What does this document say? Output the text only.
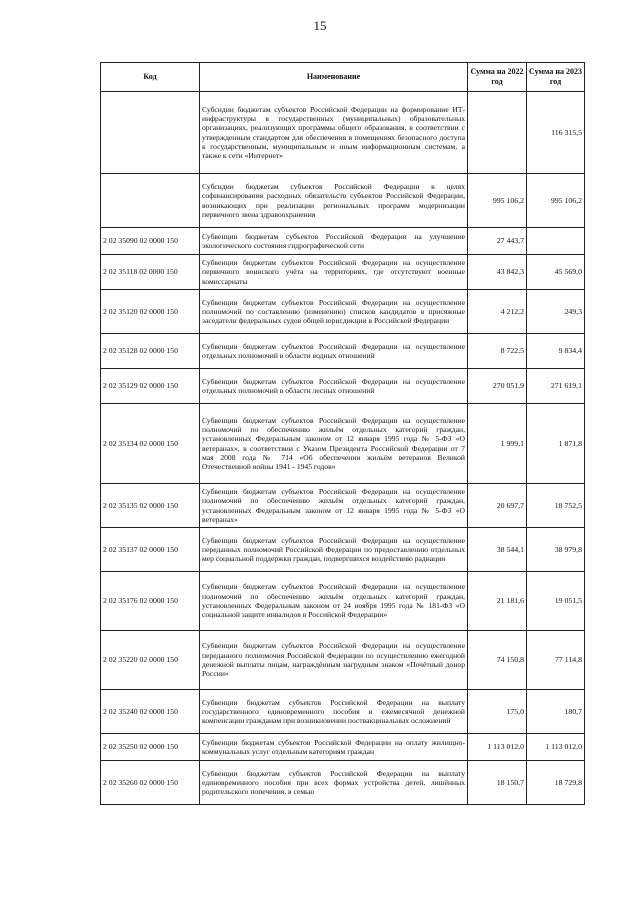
15
Код	Наименование	Сумма на 2022 год	Сумма на 2023 год
	Субсидии бюджетам субъектов Российской Федерации на формирование ИТ-инфраструктуры в государственных (муниципальных) образовательных организациях, реализующих программы общего образования, в соответствии с утвержденным стандартом для обеспечения в помещениях безопасного доступа к государственным, муниципальным и иным информационным системам, а также к сети «Интернет»		116 315,5
	Субсидии бюджетам субъектов Российской Федерации в целях софинансирования расходных обязательств субъектов Российской Федерации, возникающих при реализации региональных программ модернизации первичного звена здравоохранения	995 106,2	995 106,2
2 02 35090 02 0000 150	Субвенции бюджетам субъектов Российской Федерации на улучшение экологического состояния гидрографической сети	27 443,7	
2 02 35118 02 0000 150	Субвенции бюджетам субъектов Российской Федерации на осуществление первичного воинского учёта на территориях, где отсутствуют военные комиссариаты	43 842,3	45 569,0
2 02 35120 02 0000 150	Субвенции бюджетам субъектов Российской Федерации на осуществление полномочий по составлению (изменению) списков кандидатов в присяжные заседатели федеральных судов общей юрисдикции в Российской Федерации	4 212,2	249,3
2 02 35128 02 0000 150	Субвенции бюджетам субъектов Российской Федерации на осуществление отдельных полномочий в области водных отношений	8 722,5	9 834,4
2 02 35129 02 0000 150	Субвенции бюджетам субъектов Российской Федерации на осуществление отдельных полномочий в области лесных отношений	270 051,9	271 619,1
2 02 35134 02 0000 150	Субвенции бюджетам субъектов Российской Федерации на осуществление полномочий по обеспечению жильём отдельных категорий граждан, установленных Федеральным законом от 12 января 1995 года № 5-ФЗ «О ветеранах», в соответствии с Указом Президента Российской Федерации от 7 мая 2008 года № 714 «Об обеспечении жильём ветеранов Великой Отечественной войны 1941 - 1945 годов»	1 999,1	1 871,8
2 02 35135 02 0000 150	Субвенции бюджетам субъектов Российской Федерации на осуществление полномочий по обеспечению жильём отдельных категорий граждан, установленных Федеральным законом от 12 января 1995 года № 5-ФЗ «О ветеранах»	20 697,7	18 752,5
2 02 35137 02 0000 150	Субвенции бюджетам субъектов Российской Федерации на осуществление переданных полномочий Российской Федерации по предоставлению отдельных мер социальной поддержки граждан, подвергшихся воздействию радиации	38 544,1	38 979,8
2 02 35176 02 0000 150	Субвенции бюджетам субъектов Российской Федерации на осуществление полномочий по обеспечению жильём отдельных категорий граждан, установленных Федеральным законом от 24 ноября 1995 года № 181-ФЗ «О социальной защите инвалидов в Российской Федерации»	21 181,6	19 051,5
2 02 35220 02 0000 150	Субвенции бюджетам субъектов Российской Федерации на осуществление переданного полномочия Российской Федерации по осуществлению ежегодной денежной выплаты лицам, награждённым нагрудным знаком «Почётный донор России»	74 150,8	77 114,8
2 02 35240 02 0000 150	Субвенции бюджетам субъектов Российской Федерации на выплату государственного единовременного пособия и ежемесячной денежной компенсации гражданам при возникновении поствакцинальных осложнений	175,0	180,7
2 02 35250 02 0000 150	Субвенции бюджетам субъектов Российской Федерации на оплату жилищно-коммунальных услуг отдельным категориям граждан	1 113 012,0	1 113 012,0
2 02 35260 02 0000 150	Субвенции бюджетам субъектов Российской Федерации на выплату единовременного пособия при всех формах устройства детей, лишённых родительского попечения, в семью	18 150,7	18 729,8
